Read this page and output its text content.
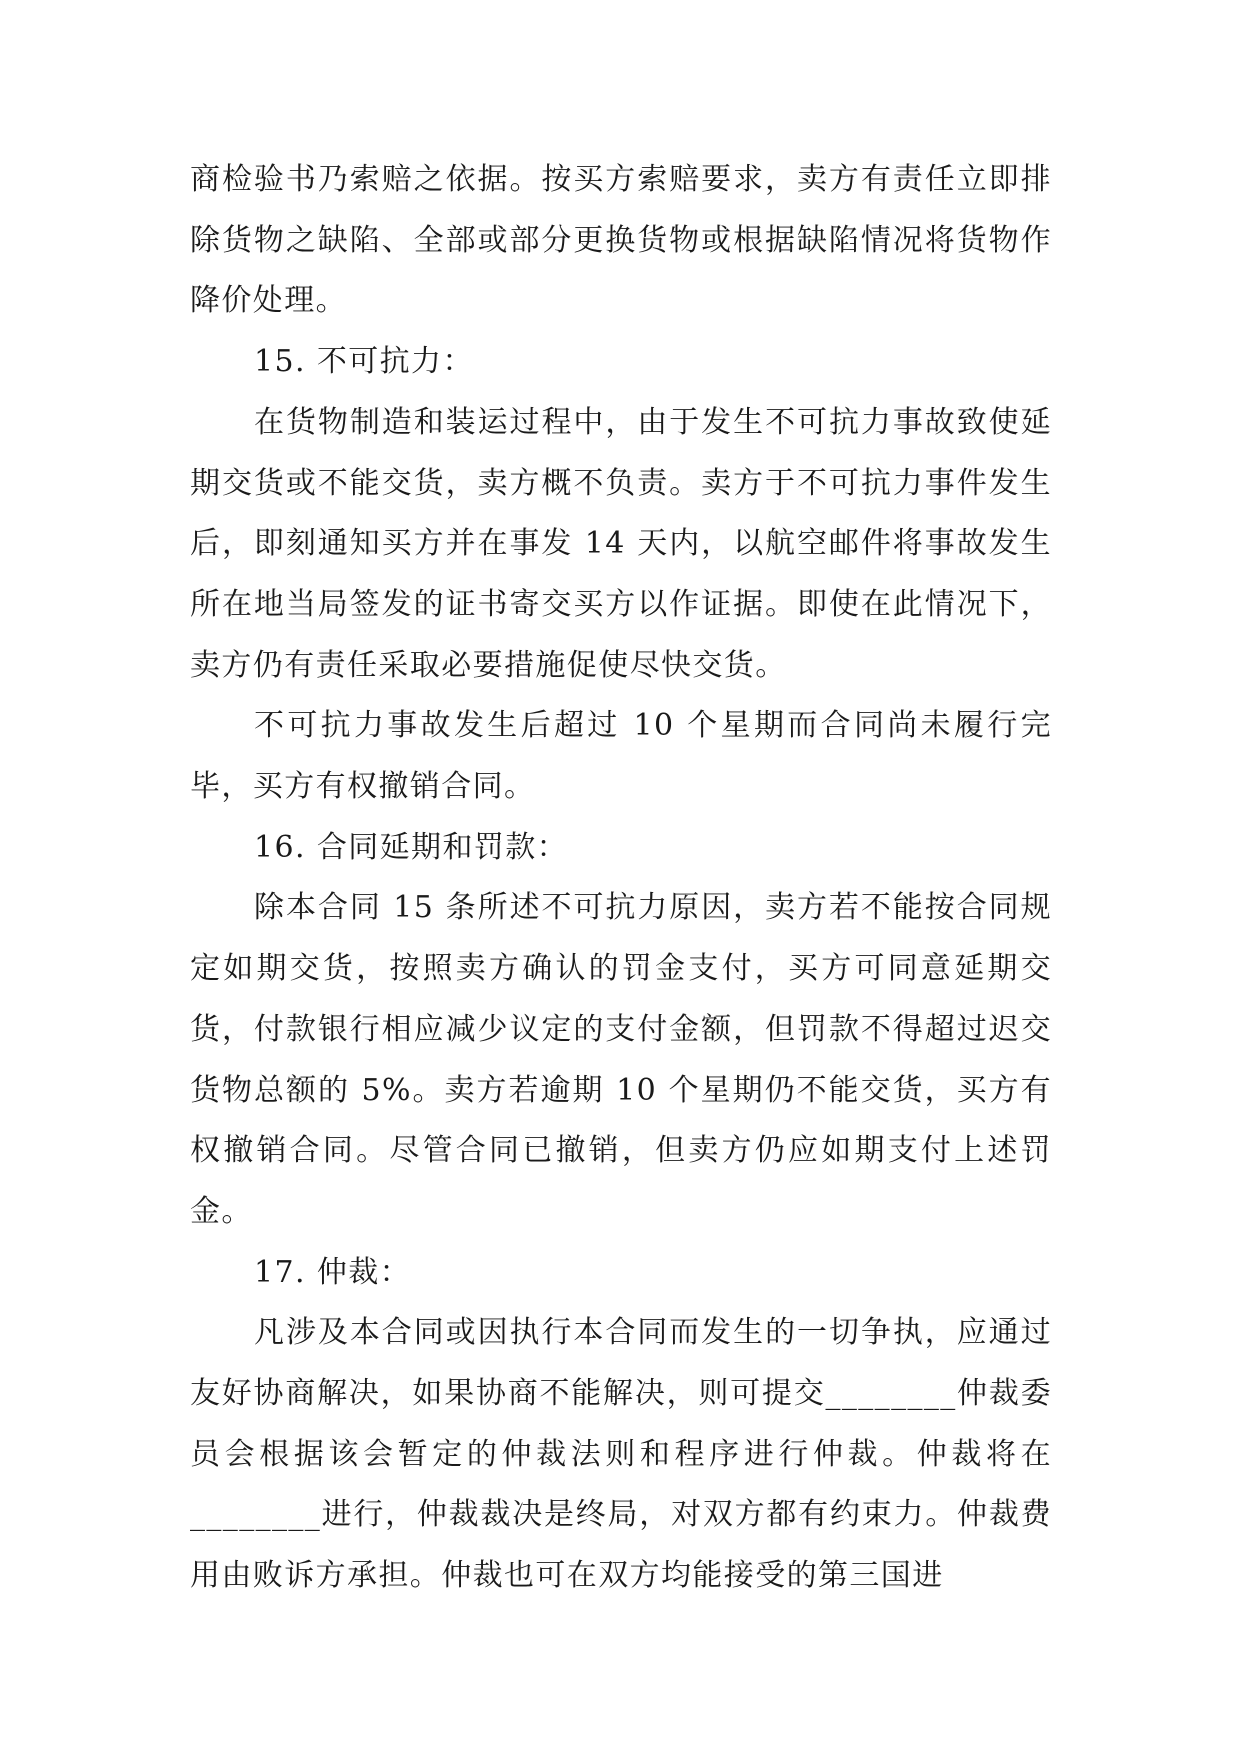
商检验书乃索赔之依据。按买方索赔要求，卖方有责任立即排除货物之缺陷、全部或部分更换货物或根据缺陷情况将货物作降价处理。

15. 不可抗力：

在货物制造和装运过程中，由于发生不可抗力事故致使延期交货或不能交货，卖方概不负责。卖方于不可抗力事件发生后，即刻通知买方并在事发 14 天内，以航空邮件将事故发生所在地当局签发的证书寄交买方以作证据。即使在此情况下，卖方仍有责任采取必要措施促使尽快交货。

不可抗力事故发生后超过 10 个星期而合同尚未履行完毕，买方有权撤销合同。

16. 合同延期和罚款：

除本合同 15 条所述不可抗力原因，卖方若不能按合同规定如期交货，按照卖方确认的罚金支付，买方可同意延期交货，付款银行相应减少议定的支付金额，但罚款不得超过迟交货物总额的 5%。卖方若逾期 10 个星期仍不能交货，买方有权撤销合同。尽管合同已撤销，但卖方仍应如期支付上述罚金。

17. 仲裁：

凡涉及本合同或因执行本合同而发生的一切争执，应通过友好协商解决，如果协商不能解决，则可提交________仲裁委员会根据该会暂定的仲裁法则和程序进行仲裁。仲裁将在________进行，仲裁裁决是终局，对双方都有约束力。仲裁费用由败诉方承担。仲裁也可在双方均能接受的第三国进
